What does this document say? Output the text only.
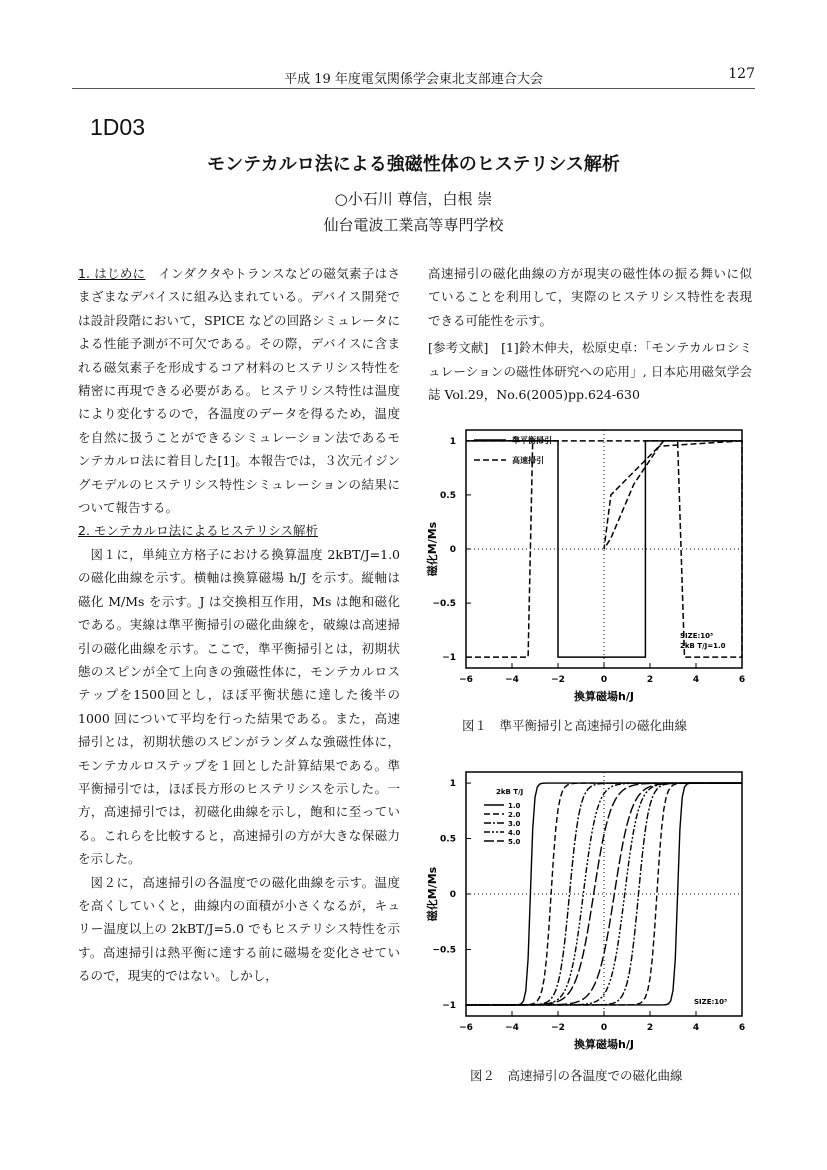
平成 19 年度電気関係学会東北支部連合大会	127
1D03
モンテカルロ法による強磁性体のヒステリシス解析
○小石川 尊信，白根 崇
仙台電波工業高等専門学校

1. はじめに　インダクタやトランスなどの磁気素子はさまざまなデバイスに組み込まれている。デバイス開発では設計段階において，SPICE などの回路シミュレータによる性能予測が不可欠である。その際，デバイスに含まれる磁気素子を形成するコア材料のヒステリシス特性を精密に再現できる必要がある。ヒステリシス特性は温度により変化するので，各温度のデータを得るため，温度を自然に扱うことができるシミュレーション法であるモンテカルロ法に着目した[1]。本報告では，３次元イジングモデルのヒステリシス特性シミュレーションの結果について報告する。

2. モンテカルロ法によるヒステリシス解析

図１に，単純立方格子における換算温度 2kBT/J=1.0 の磁化曲線を示す。横軸は換算磁場 h/J を示す。縦軸は磁化 M/Ms を示す。J は交換相互作用，Ms は飽和磁化である。実線は準平衡掃引の磁化曲線を，破線は高速掃引の磁化曲線を示す。ここで，準平衡掃引とは，初期状態のスピンが全て上向きの強磁性体に，モンテカルロステップを1500回とし，ほぼ平衡状態に達した後半の 1000 回について平均を行った結果である。また，高速掃引とは，初期状態のスピンがランダムな強磁性体に，モンテカルロステップを１回とした計算結果である。準平衡掃引では，ほぼ長方形のヒステリシスを示した。一方，高速掃引では，初磁化曲線を示し，飽和に至っている。これらを比較すると，高速掃引の方が大きな保磁力を示した。

図２に，高速掃引の各温度での磁化曲線を示す。温度を高くしていくと，曲線内の面積が小さくなるが，キュリー温度以上の 2kBT/J=5.0 でもヒステリシス特性を示す。高速掃引は熱平衡に達する前に磁場を変化させているので，現実的ではない。しかし，

高速掃引の磁化曲線の方が現実の磁性体の振る舞いに似ていることを利用して，実際のヒステリシス特性を表現できる可能性を示す。

[参考文献]　[1]鈴木伸夫，松原史卓：「モンテカルロシミュレーションの磁性体研究への応用」, 日本応用磁気学会誌 Vol.29，No.6(2005)pp.624-630

−6	−4	−2	0	2	4	6
1
0.5
0
−0.5
−1
換算磁場h/J
磁化M/Ms
準平衡掃引
高速掃引
SIZE:10³
2kB T/J=1.0
図１　準平衡掃引と高速掃引の磁化曲線
−6	−4	−2	0	2	4	6
1
0.5
0
−0.5
−1
換算磁場h/J
磁化M/Ms
2kB T/J
1.0
2.0
3.0
4.0
5.0
SIZE:10³
図２　高速掃引の各温度での磁化曲線
